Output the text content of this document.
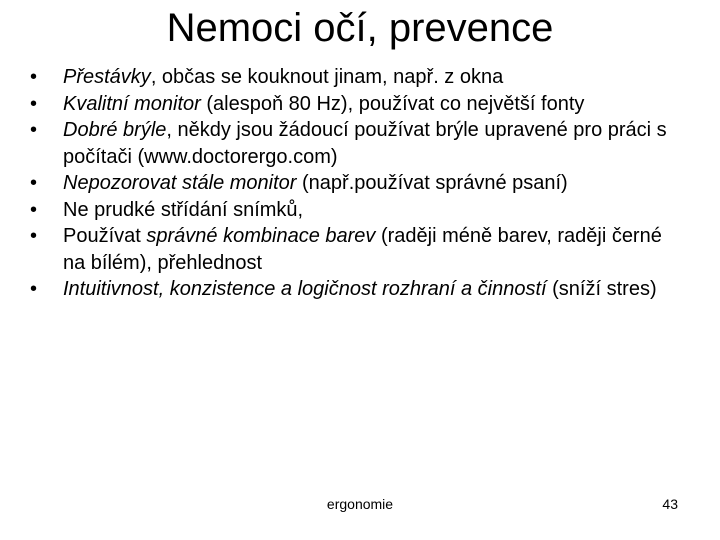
Nemoci očí, prevence
•	Přestávky, občas se kouknout jinam, např. z okna
•	Kvalitní monitor (alespoň 80 Hz), používat co největší fonty
•	Dobré brýle, někdy jsou žádoucí používat brýle upravené pro práci s počítači (www.doctorergo.com)
•	Nepozorovat stále monitor (např.používat správné psaní)
•	Ne prudké střídání snímků,
•	Používat správné kombinace barev (raději méně barev, raději černé na bílém), přehlednost
•	Intuitivnost, konzistence a logičnost rozhraní a činností (sníží stres)
ergonomie	43
